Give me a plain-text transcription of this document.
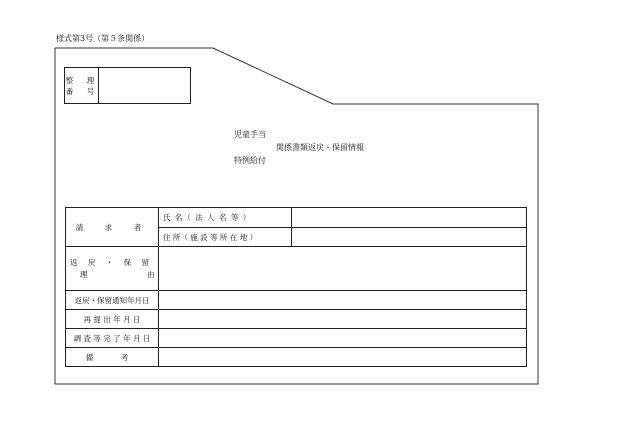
様式第3号（第５条関係）
整　理
番　号
児童手当
関係書類返戻・保留情報
特例給付
請　求　者	氏 名（ 法 人 名 等 ）	
	住 所（ 施 設 等 所 在 地 ）	

返 戻 ・ 保 留
理　由		

返戻・保留通知年月日		
再 提 出 年 月 日		
調 査 等 完 了 年 月 日		
備　考		
